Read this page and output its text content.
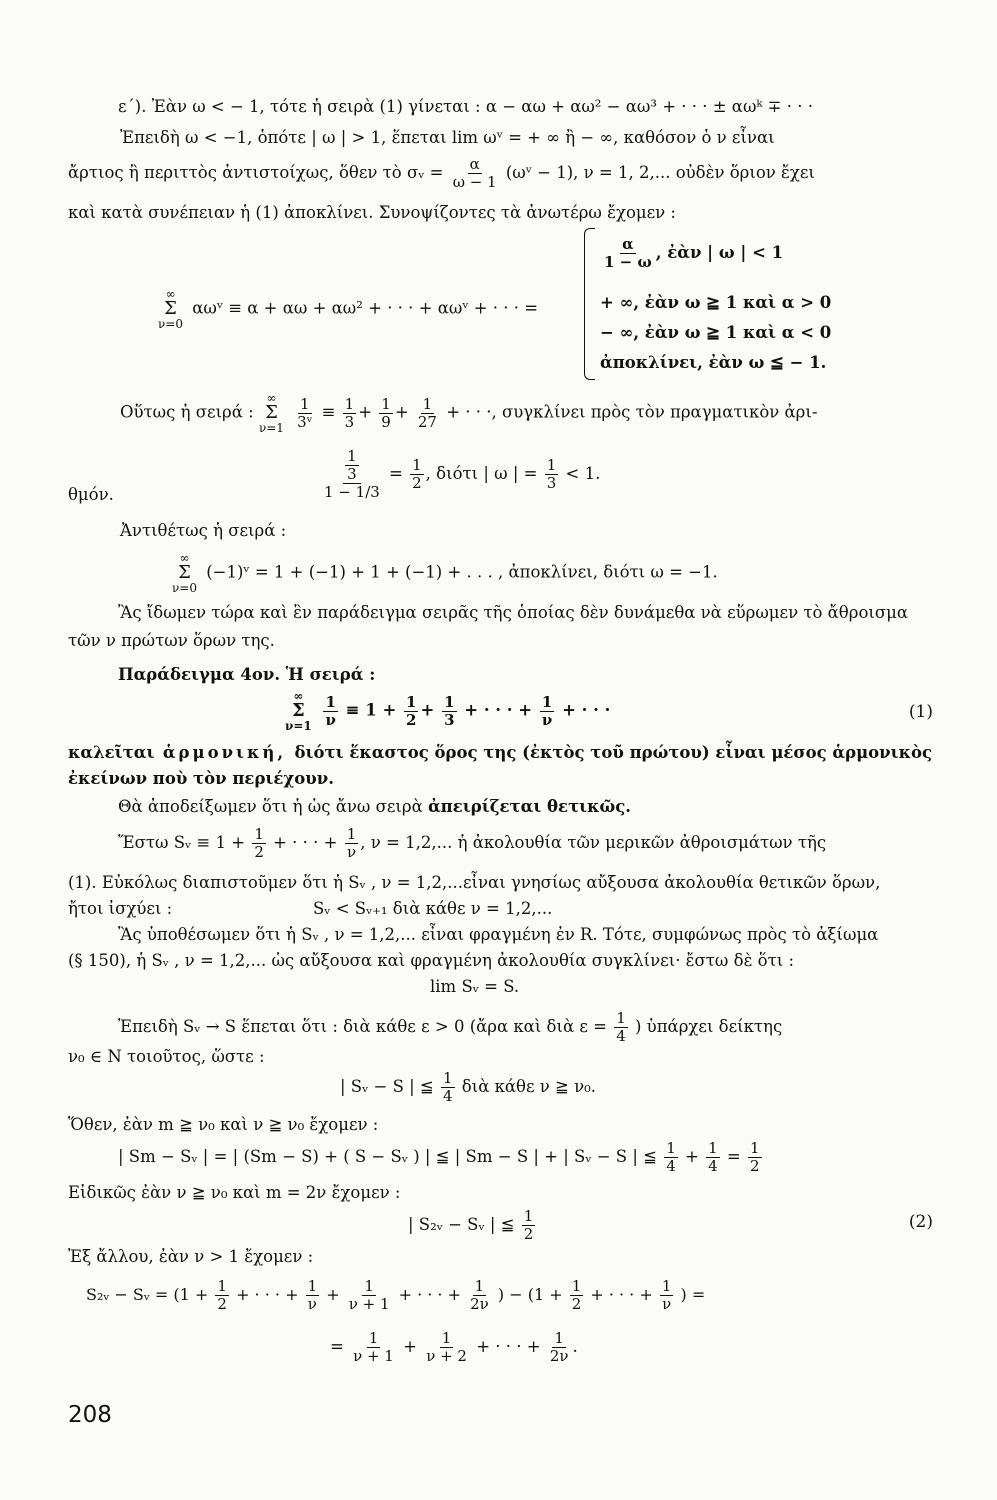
ε΄). Ἐὰν ω < − 1, τότε ἡ σειρὰ (1) γίνεται : α − αω + αω² − αω³ + · · · ± αωᵏ ∓ · · ·
Ἐπειδὴ ω < −1, ὁπότε | ω | > 1, ἕπεται lim ωᵛ = + ∞ ἢ − ∞, καθόσον ὁ ν εἶναι
ἄρτιος ἢ περιττὸς ἀντιστοίχως, ὅθεν τὸ σᵥ = $\frac{\alpha}{\omega - 1}$ (ωᵛ − 1), ν = 1, 2,... οὐδὲν ὅριον ἔχει
καὶ κατὰ συνέπειαν ἡ (1) ἀποκλίνει. Συνοψίζοντες τὰ ἀνωτέρω ἔχομεν :
∞
Σ
ν=0
αωᵛ ≡ α + αω + αω² + · · · + αωᵛ + · · · =
$\frac{\alpha}{1 - \omega}$ , ἐὰν | ω | < 1
+ ∞, ἐὰν ω ≧ 1 καὶ α > 0
− ∞, ἐὰν ω ≧ 1 καὶ α < 0
ἀποκλίνει, ἐὰν ω ≦ − 1.
Οὕτως ἡ σειρά :
∞
Σ
ν=1
$\frac{1}{\text{3ᵛ}} \equiv \frac{1}{3} + \frac{1}{9} + \frac{1}{27}$ + · · ·, συγκλίνει πρὸς τὸν πραγματικὸν ἀρι-
θμόν.	$\frac{\frac{1}{3}}{1 - 1/3} = \frac{1}{2}$ , διότι | ω | = $\frac{1}{3} < 1$.
Ἀντιθέτως ἡ σειρά :
∞
Σ
ν=0
(−1)ᵛ = 1 + (−1) + 1 + (−1) + . . . , ἀποκλίνει, διότι ω = −1.
Ἂς ἴδωμεν τώρα καὶ ἓν παράδειγμα σειρᾶς τῆς ὁποίας δὲν δυνάμεθα νὰ εὕρωμεν τὸ ἄθροισμα
τῶν ν πρώτων ὅρων της.
Παράδειγμα 4ον. Ἡ σειρά :
∞
Σ
ν=1
$\frac{1}{\nu} \equiv 1 + \frac{1}{2} + \frac{1}{3}$ + · · · + $\frac{1}{\nu}$ + · · ·	(1)
καλεῖται ἁρμονική, διότι ἕκαστος ὅρος της (ἐκτὸς τοῦ πρώτου) εἶναι μέσος ἁρμονικὸς
ἐκείνων ποὺ τὸν περιέχουν.
Θὰ ἀποδείξωμεν ὅτι ἡ ὡς ἄνω σειρὰ ἀπειρίζεται θετικῶς.
Ἔστω Sᵥ ≡ $1 + \frac{1}{2}$ + · · · + $\frac{1}{\nu}$ , ν = 1,2,... ἡ ἀκολουθία τῶν μερικῶν ἀθροισμάτων τῆς
(1). Εὐκόλως διαπιστοῦμεν ὅτι ἡ Sᵥ , ν = 1,2,...εἶναι γνησίως αὔξουσα ἀκολουθία θετικῶν ὅρων,
ἤτοι ἰσχύει :	Sᵥ < Sᵥ₊₁ διὰ κάθε ν = 1,2,...
Ἂς ὑποθέσωμεν ὅτι ἡ Sᵥ , ν = 1,2,... εἶναι φραγμένη ἐν R. Τότε, συμφώνως πρὸς τὸ ἀξίωμα
(§ 150), ἡ Sᵥ , ν = 1,2,... ὡς αὔξουσα καὶ φραγμένη ἀκολουθία συγκλίνει· ἔστω δὲ ὅτι :
lim Sᵥ = S.
Ἐπειδὴ Sᵥ → S ἕπεται ὅτι : διὰ κάθε ε > 0 (ἄρα καὶ διὰ $\varepsilon = \frac{1}{4}$ ) ὑπάρχει δείκτης
ν₀ ∈ N τοιοῦτος, ὥστε :
| Sᵥ − S | ≦ $\frac{1}{4}$ διὰ κάθε ν ≧ ν₀.
Ὅθεν, ἐὰν m ≧ ν₀ καὶ ν ≧ ν₀ ἔχομεν :
| Sm − Sᵥ | = | (Sm − S) + ( S − Sᵥ ) | ≦ | Sm − S | + | Sᵥ − S | ≦ $\frac{1}{4} + \frac{1}{4} = \frac{1}{2}$
Εἰδικῶς ἐὰν ν ≧ ν₀ καὶ m = 2ν ἔχομεν :
| S₂ᵥ − Sᵥ | ≦ $\frac{1}{2}$	(2)
Ἐξ ἄλλου, ἐὰν ν > 1 ἔχομεν :
S₂ᵥ − Sᵥ = ($1 + \frac{1}{2}$ + · · · + $\frac{1}{\nu} + \frac{1}{\nu + 1}$ + · · · + $\frac{1}{2\nu}$ ) − ($1 + \frac{1}{2}$ + · · · + $\frac{1}{\nu}$ ) =
= $\frac{1}{\nu + 1} + \frac{1}{\nu + 2}$ + · · · + $\frac{1}{2\nu}$ .
208
